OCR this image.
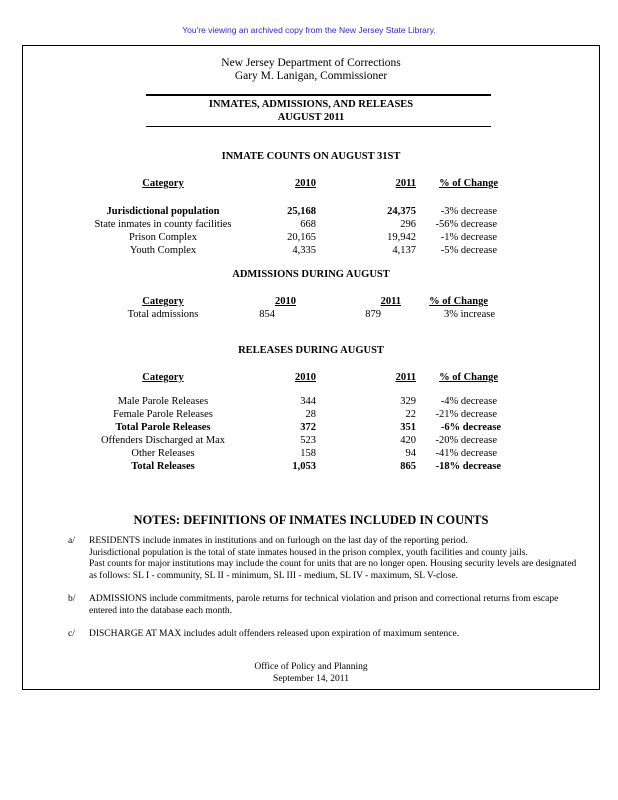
You're viewing an archived copy from the New Jersey State Library.
New Jersey Department of Corrections
Gary M. Lanigan, Commissioner
INMATES, ADMISSIONS, AND RELEASES
AUGUST 2011
INMATE COUNTS ON AUGUST 31ST
Category	2010	2011	% of Change
Jurisdictional population	25,168	24,375	-3% decrease
State inmates in county facilities	668	296	-56% decrease
Prison Complex	20,165	19,942	-1% decrease
Youth Complex	4,335	4,137	-5% decrease
ADMISSIONS DURING AUGUST
Category	2010	2011	% of Change
Total admissions	854	879	3% increase
RELEASES DURING AUGUST
Category	2010	2011	% of Change
Male Parole Releases	344	329	-4% decrease
Female Parole Releases	28	22	-21% decrease
Total Parole Releases	372	351	-6% decrease
Offenders Discharged at Max	523	420	-20% decrease
Other Releases	158	94	-41% decrease
Total Releases	1,053	865	-18% decrease
NOTES: DEFINITIONS OF INMATES INCLUDED IN COUNTS
a/	RESIDENTS include inmates in institutions and on furlough on the last day of the reporting period.
Jurisdictional population is the total of state inmates housed in the prison complex, youth facilities and county jails.
Past counts for major institutions may include the count for units that are no longer open. Housing security levels are designated
as follows: SL I - community, SL II - minimum, SL III - medium, SL IV - maximum, SL V-close.
b/	ADMISSIONS include commitments, parole returns for technical violation and prison and correctional returns from escape
entered into the database each month.
c/	DISCHARGE AT MAX includes adult offenders released upon expiration of maximum sentence.
Office of Policy and Planning
September 14, 2011
